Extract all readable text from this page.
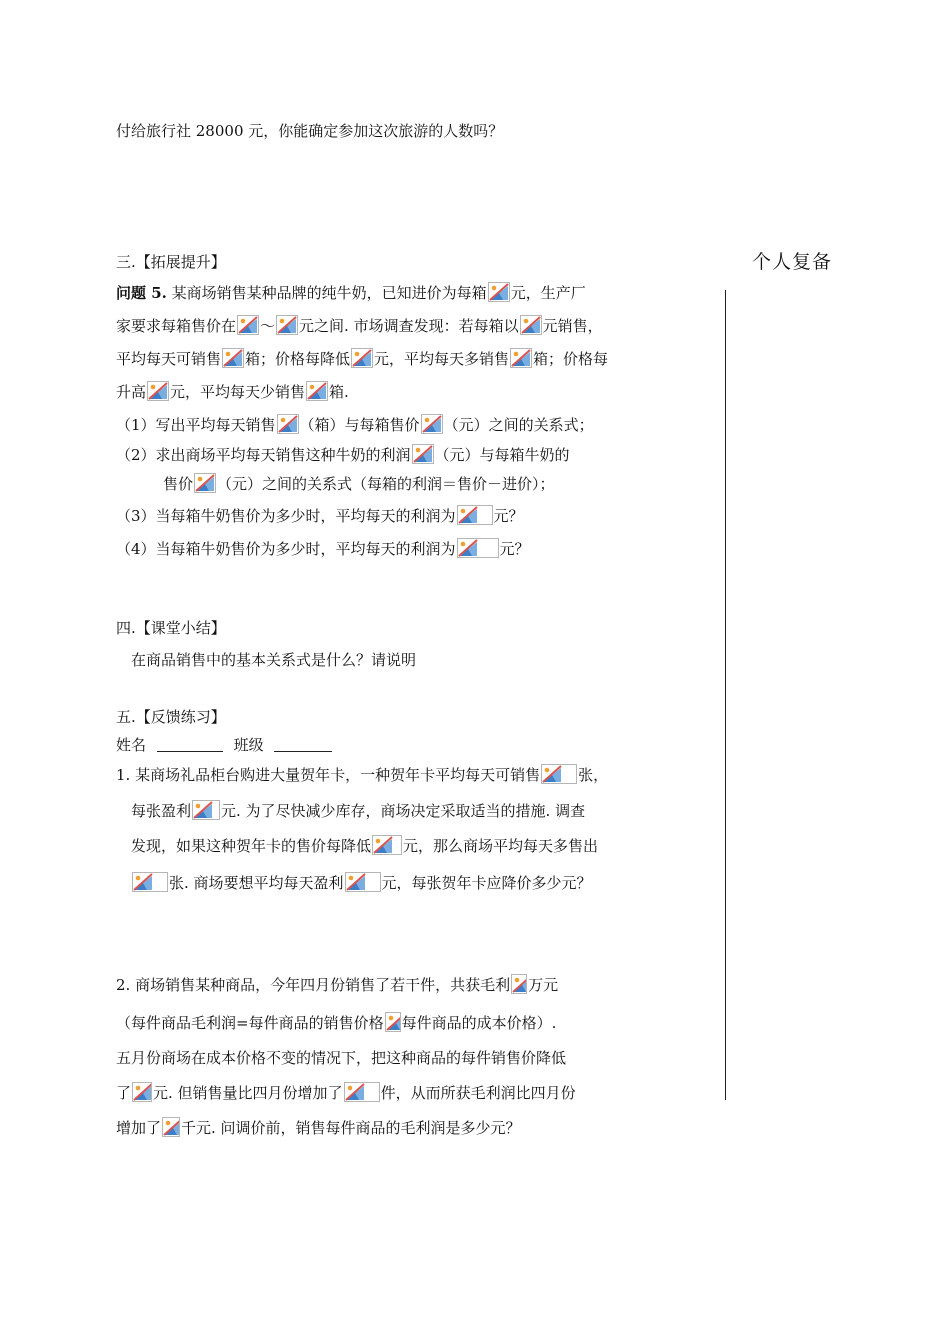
付给旅行社 28000 元，你能确定参加这次旅游的人数吗？
个人复备
三.【拓展提升】
问题 5. 某商场销售某种品牌的纯牛奶，已知进价为每箱 元，生产厂
家要求每箱售价在 ～ 元之间. 市场调查发现：若每箱以 元销售，
平均每天可销售 箱；价格每降低 元，平均每天多销售 箱；价格每
升高 元，平均每天少销售 箱.
（1）写出平均每天销售 （箱）与每箱售价 （元）之间的关系式；
（2）求出商场平均每天销售这种牛奶的利润 （元）与每箱牛奶的
售价 （元）之间的关系式（每箱的利润＝售价－进价）；
（3）当每箱牛奶售价为多少时，平均每天的利润为	元？
（4）当每箱牛奶售价为多少时，平均每天的利润为	元？
四.【课堂小结】
在商品销售中的基本关系式是什么？请说明
五.【反馈练习】
姓名	班级
1. 某商场礼品柜台购进大量贺年卡，一种贺年卡平均每天可销售	张，
每张盈利 元. 为了尽快减少库存，商场决定采取适当的措施. 调查
发现，如果这种贺年卡的售价每降低 元，那么商场平均每天多售出
张. 商场要想平均每天盈利	元，每张贺年卡应降价多少元？
2. 商场销售某种商品，今年四月份销售了若干件，共获毛利 万元
（每件商品毛利润=每件商品的销售价格 每件商品的成本价格）.
五月份商场在成本价格不变的情况下，把这种商品的每件销售价降低
了 元. 但销售量比四月份增加了	件，从而所获毛利润比四月份
增加了 千元. 问调价前，销售每件商品的毛利润是多少元？
